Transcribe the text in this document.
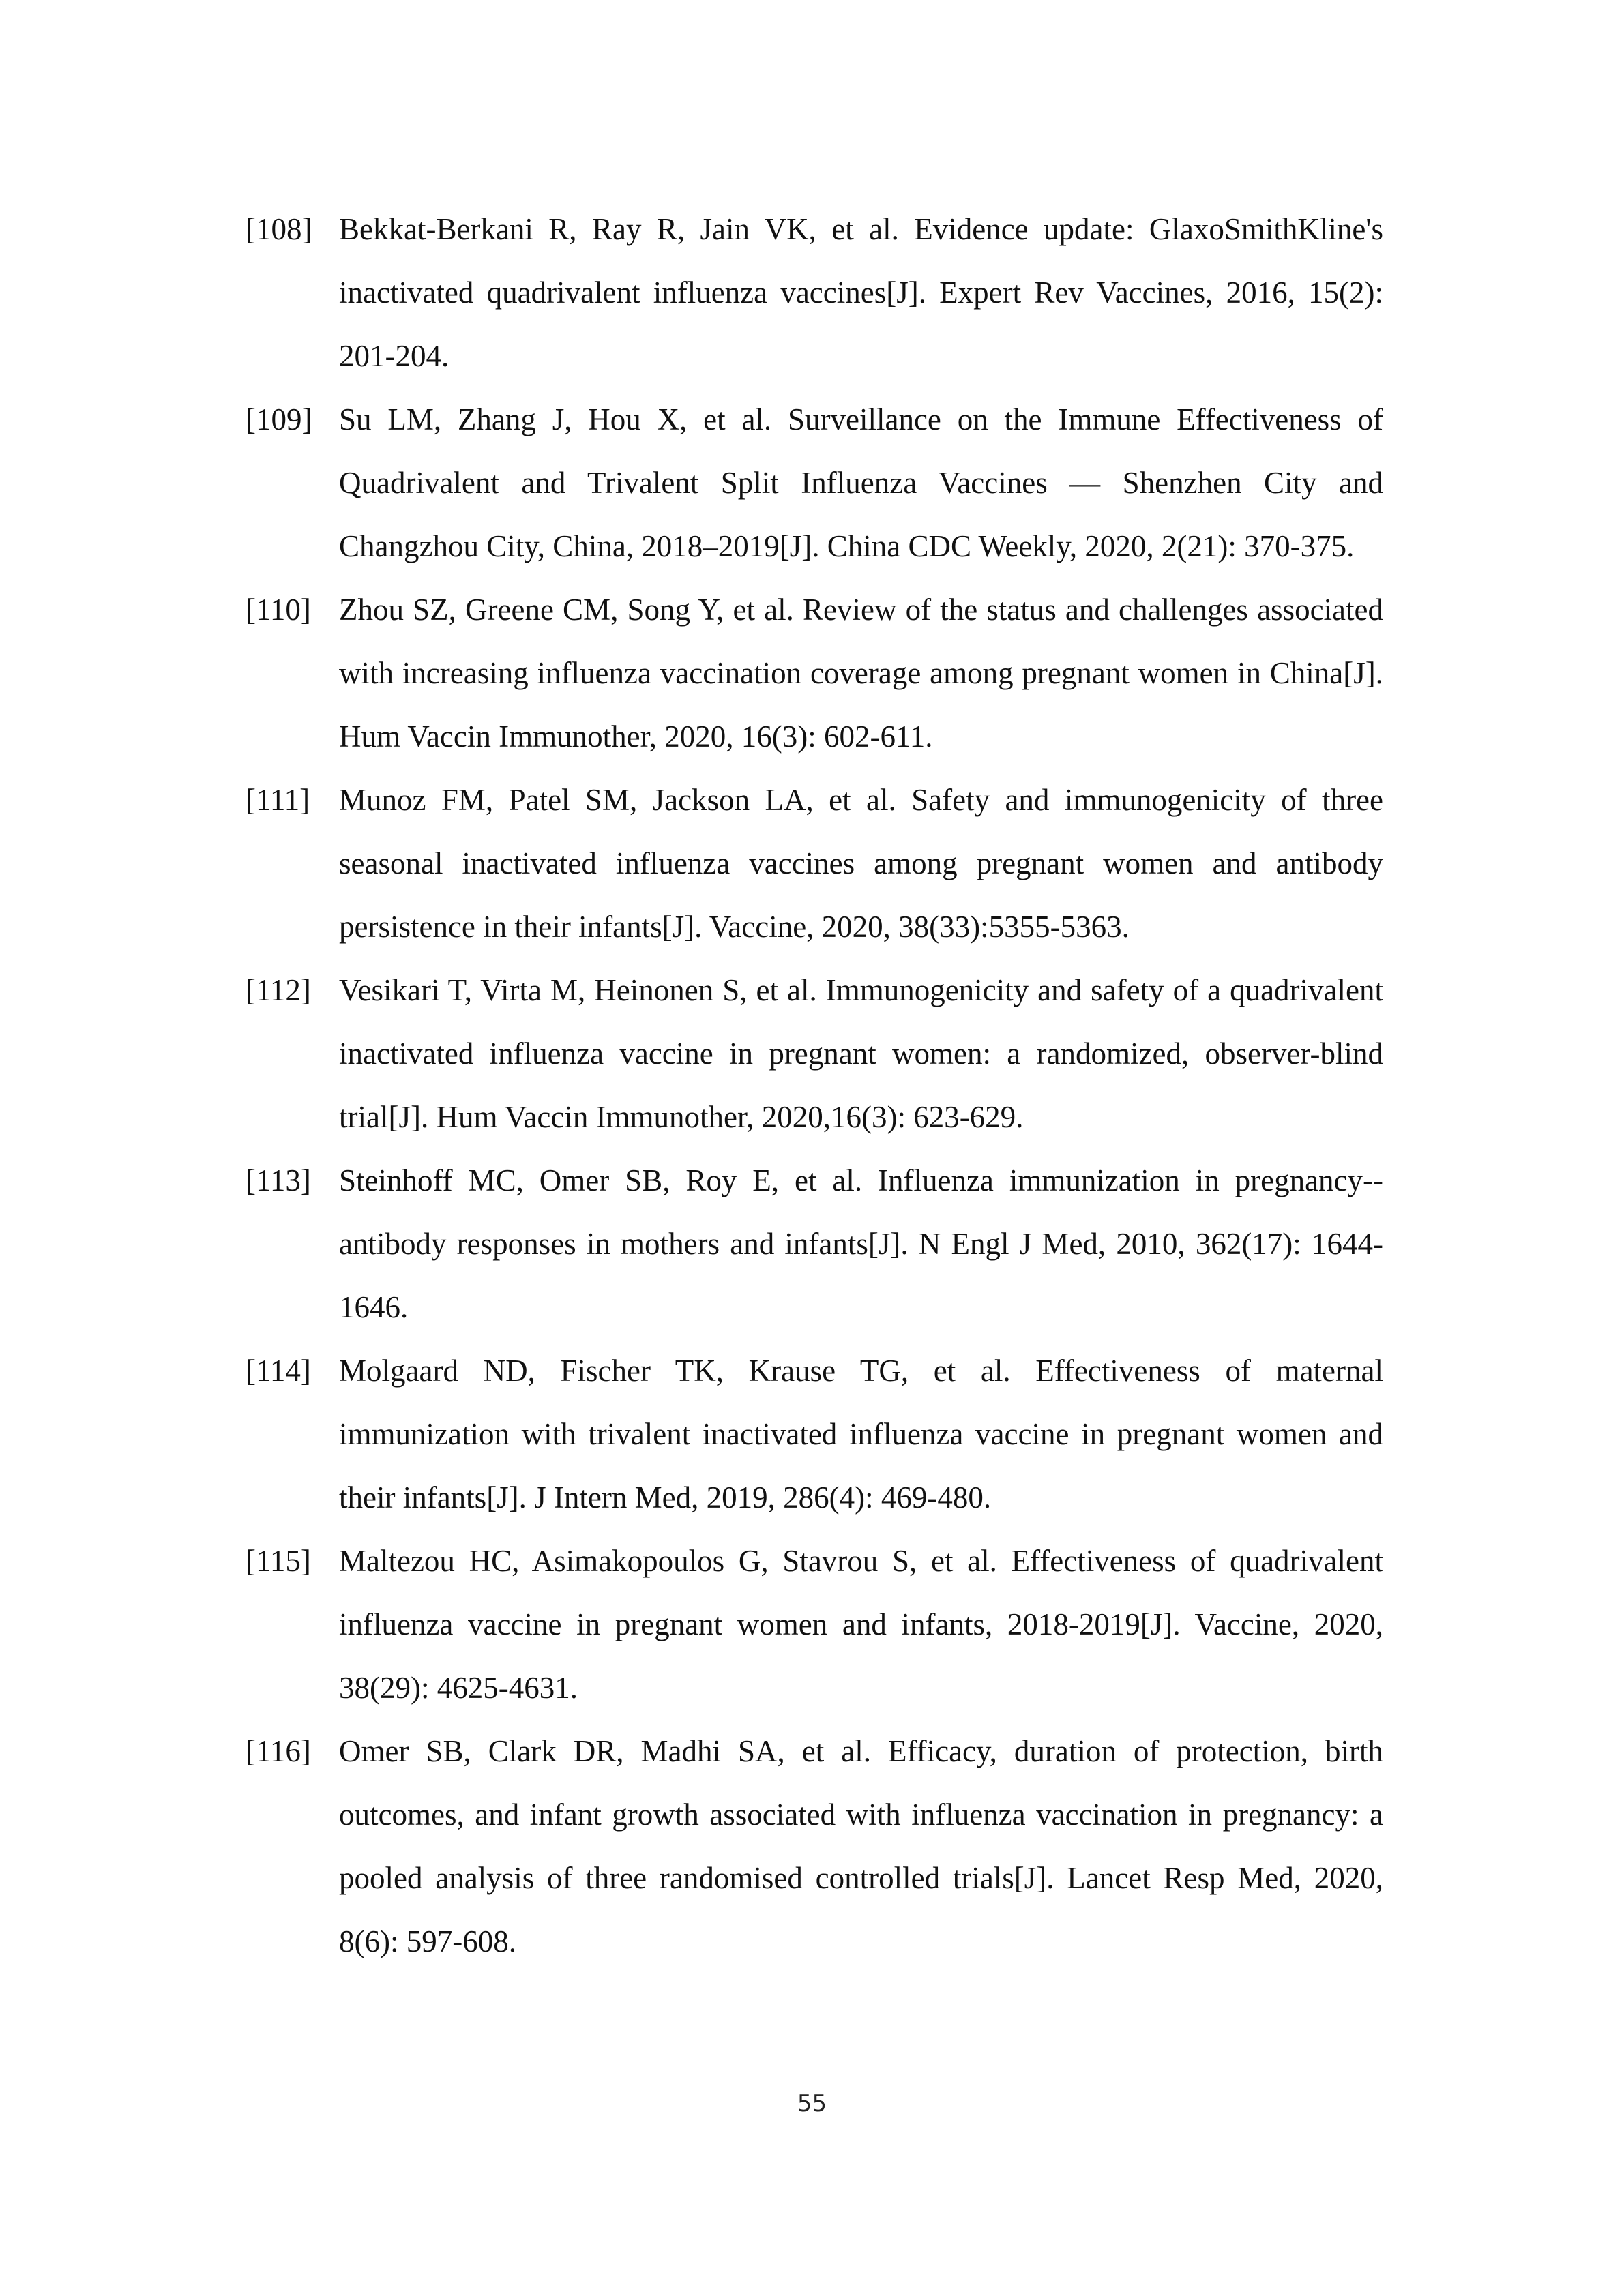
[108] Bekkat-Berkani R, Ray R, Jain VK, et al. Evidence update: GlaxoSmithKline's inactivated quadrivalent influenza vaccines[J]. Expert Rev Vaccines, 2016, 15(2): 201-204.
[109] Su LM, Zhang J, Hou X, et al. Surveillance on the Immune Effectiveness of Quadrivalent and Trivalent Split Influenza Vaccines — Shenzhen City and Changzhou City, China, 2018–2019[J]. China CDC Weekly, 2020, 2(21): 370-375.
[110] Zhou SZ, Greene CM, Song Y, et al. Review of the status and challenges associated with increasing influenza vaccination coverage among pregnant women in China[J]. Hum Vaccin Immunother, 2020, 16(3): 602-611.
[111] Munoz FM, Patel SM, Jackson LA, et al. Safety and immunogenicity of three seasonal inactivated influenza vaccines among pregnant women and antibody persistence in their infants[J]. Vaccine, 2020, 38(33):5355-5363.
[112] Vesikari T, Virta M, Heinonen S, et al. Immunogenicity and safety of a quadrivalent inactivated influenza vaccine in pregnant women: a randomized, observer-blind trial[J]. Hum Vaccin Immunother, 2020,16(3): 623-629.
[113] Steinhoff MC, Omer SB, Roy E, et al. Influenza immunization in pregnancy--antibody responses in mothers and infants[J]. N Engl J Med, 2010, 362(17): 1644-1646.
[114] Molgaard ND, Fischer TK, Krause TG, et al. Effectiveness of maternal immunization with trivalent inactivated influenza vaccine in pregnant women and their infants[J]. J Intern Med, 2019, 286(4): 469-480.
[115] Maltezou HC, Asimakopoulos G, Stavrou S, et al. Effectiveness of quadrivalent influenza vaccine in pregnant women and infants, 2018-2019[J]. Vaccine, 2020, 38(29): 4625-4631.
[116] Omer SB, Clark DR, Madhi SA, et al. Efficacy, duration of protection, birth outcomes, and infant growth associated with influenza vaccination in pregnancy: a pooled analysis of three randomised controlled trials[J]. Lancet Resp Med, 2020, 8(6): 597-608.
55
